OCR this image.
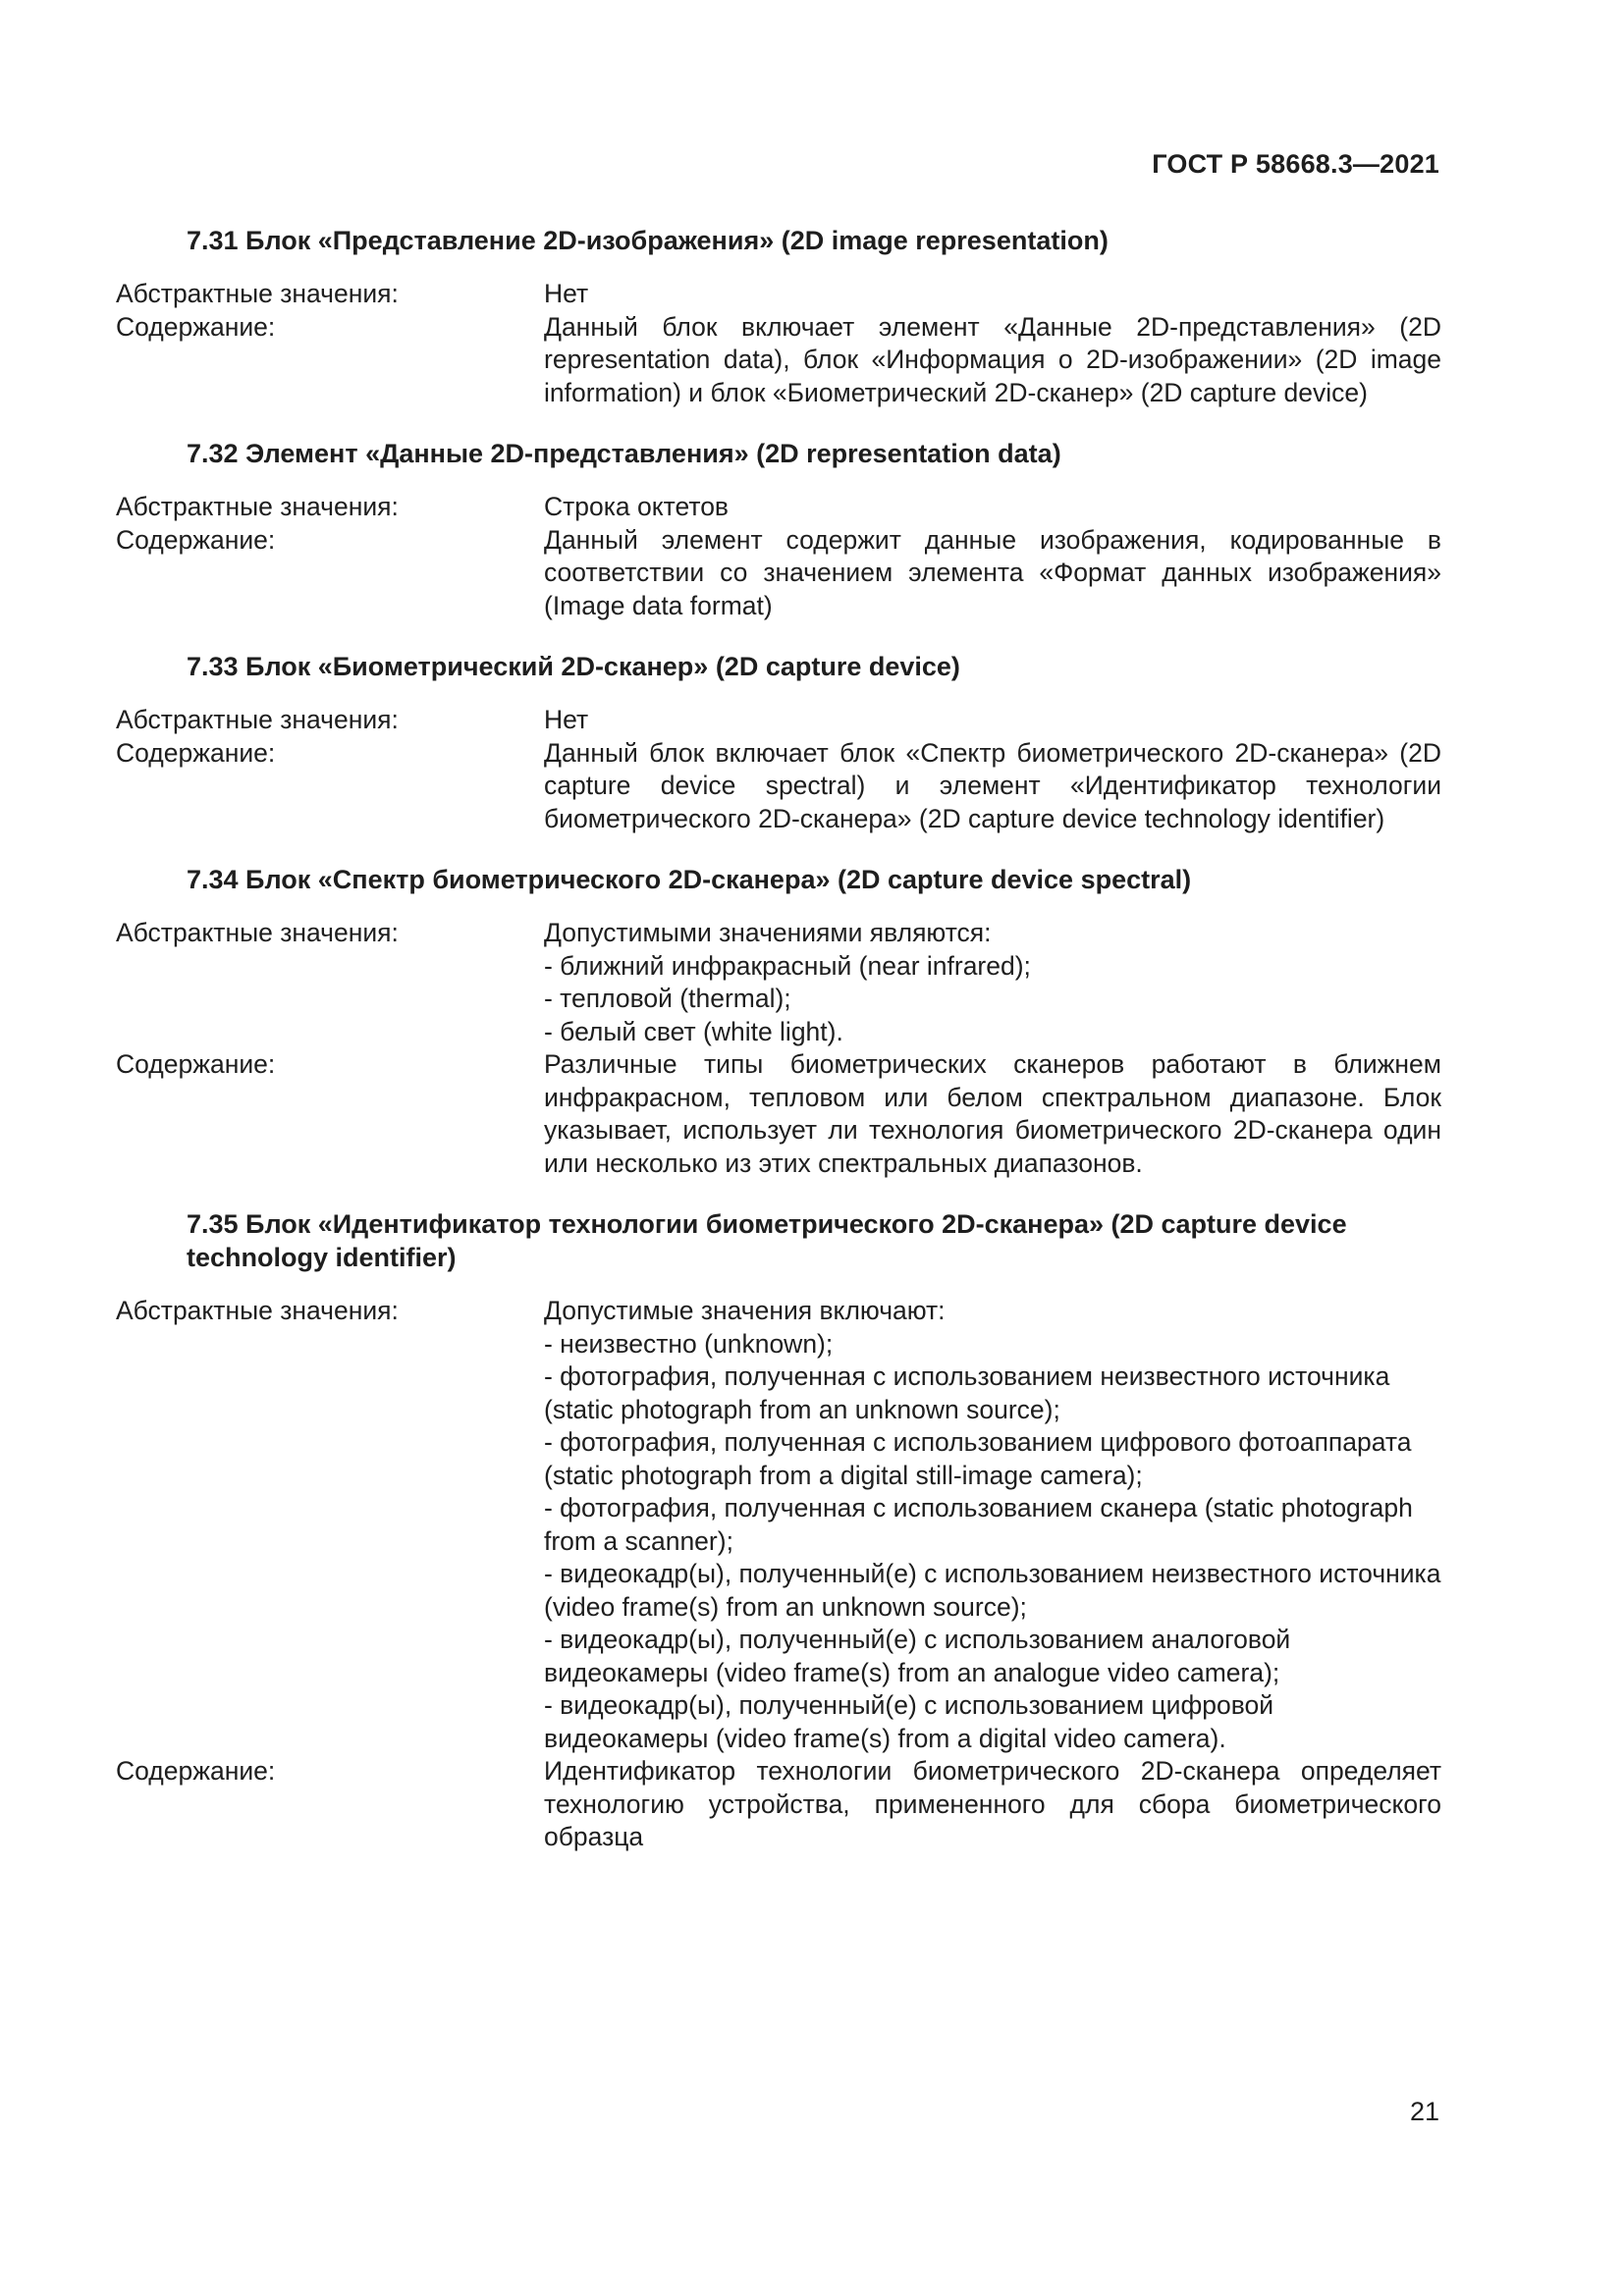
ГОСТ Р 58668.3—2021
7.31 Блок «Представление 2D-изображения» (2D image representation)
Абстрактные значения:	Нет
Содержание:	Данный блок включает элемент «Данные 2D-представления» (2D representation data), блок «Информация о 2D-изображении» (2D image information) и блок «Биометрический 2D-сканер» (2D capture device)
7.32 Элемент «Данные 2D-представления» (2D representation data)
Абстрактные значения:	Строка октетов
Содержание:	Данный элемент содержит данные изображения, кодированные в соответствии со значением элемента «Формат данных изображения» (Image data format)
7.33 Блок «Биометрический 2D-сканер» (2D capture device)
Абстрактные значения:	Нет
Содержание:	Данный блок включает блок «Спектр биометрического 2D-сканера» (2D capture device spectral) и элемент «Идентификатор технологии биометрического 2D-сканера» (2D capture device technology identifier)
7.34 Блок «Спектр биометрического 2D-сканера» (2D capture device spectral)
Абстрактные значения:	Допустимыми значениями являются:
- ближний инфракрасный (near infrared);
- тепловой (thermal);
- белый свет (white light).
Содержание:	Различные типы биометрических сканеров работают в ближнем инфракрасном, тепловом или белом спектральном диапазоне. Блок указывает, использует ли технология биометрического 2D-сканера один или несколько из этих спектральных диапазонов.
7.35 Блок «Идентификатор технологии биометрического 2D-сканера» (2D capture device technology identifier)
Абстрактные значения:	Допустимые значения включают:
- неизвестно (unknown);
- фотография, полученная с использованием неизвестного источника (static photograph from an unknown source);
- фотография, полученная с использованием цифрового фотоаппарата (static photograph from a digital still-image camera);
- фотография, полученная с использованием сканера (static photograph from a scanner);
- видеокадр(ы), полученный(е) с использованием неизвестного источника (video frame(s) from an unknown source);
- видеокадр(ы), полученный(е) с использованием аналоговой видеокамеры (video frame(s) from an analogue video camera);
- видеокадр(ы), полученный(е) с использованием цифровой видеокамеры (video frame(s) from a digital video camera).
Содержание:	Идентификатор технологии биометрического 2D-сканера определяет технологию устройства, примененного для сбора биометрического образца
21
